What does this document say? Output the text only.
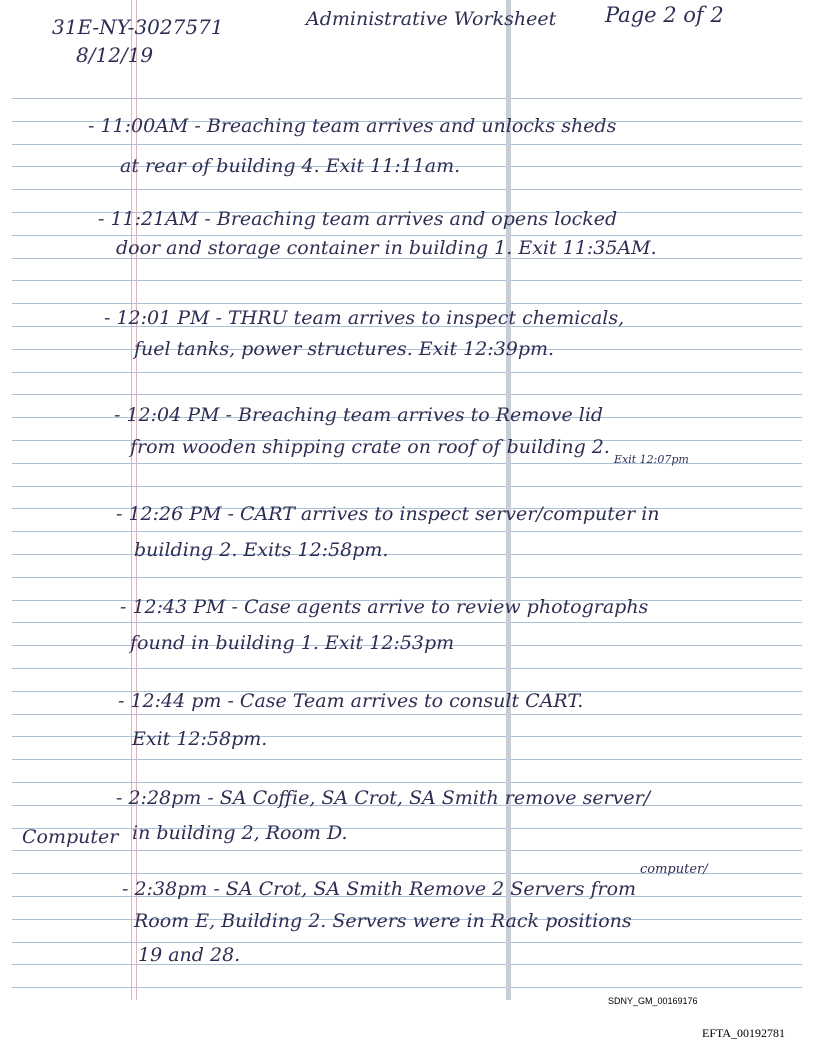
31E-NY-3027571
8/12/19
Administrative Worksheet Page 2 of 2
- 11:00AM - Breaching team arrives and unlocks sheds
at rear of building 4. Exit 11:11am.
- 11:21AM - Breaching team arrives and opens locked
door and storage container in building 1. Exit 11:35AM.
- 12:01 PM - THRU team arrives to inspect chemicals,
fuel tanks, power structures. Exit 12:39pm.
- 12:04 PM - Breaching team arrives to Remove lid
from wooden shipping crate on roof of building 2.
Exit 12:07pm
- 12:26 PM - CART arrives to inspect server/computer in
building 2. Exits 12:58pm.
- 12:43 PM - Case agents arrive to review photographs
found in building 1. Exit 12:53pm
- 12:44 pm - Case Team arrives to consult CART.
Exit 12:58pm.
- 2:28pm - SA Coffie, SA Crot, SA Smith remove server/
Computer in building 2, Room D.
computer/
- 2:38pm - SA Crot, SA Smith Remove 2 Servers from
Room E, Building 2. Servers were in Rack positions
19 and 28.
SDNY_GM_00169176
EFTA_00192781
